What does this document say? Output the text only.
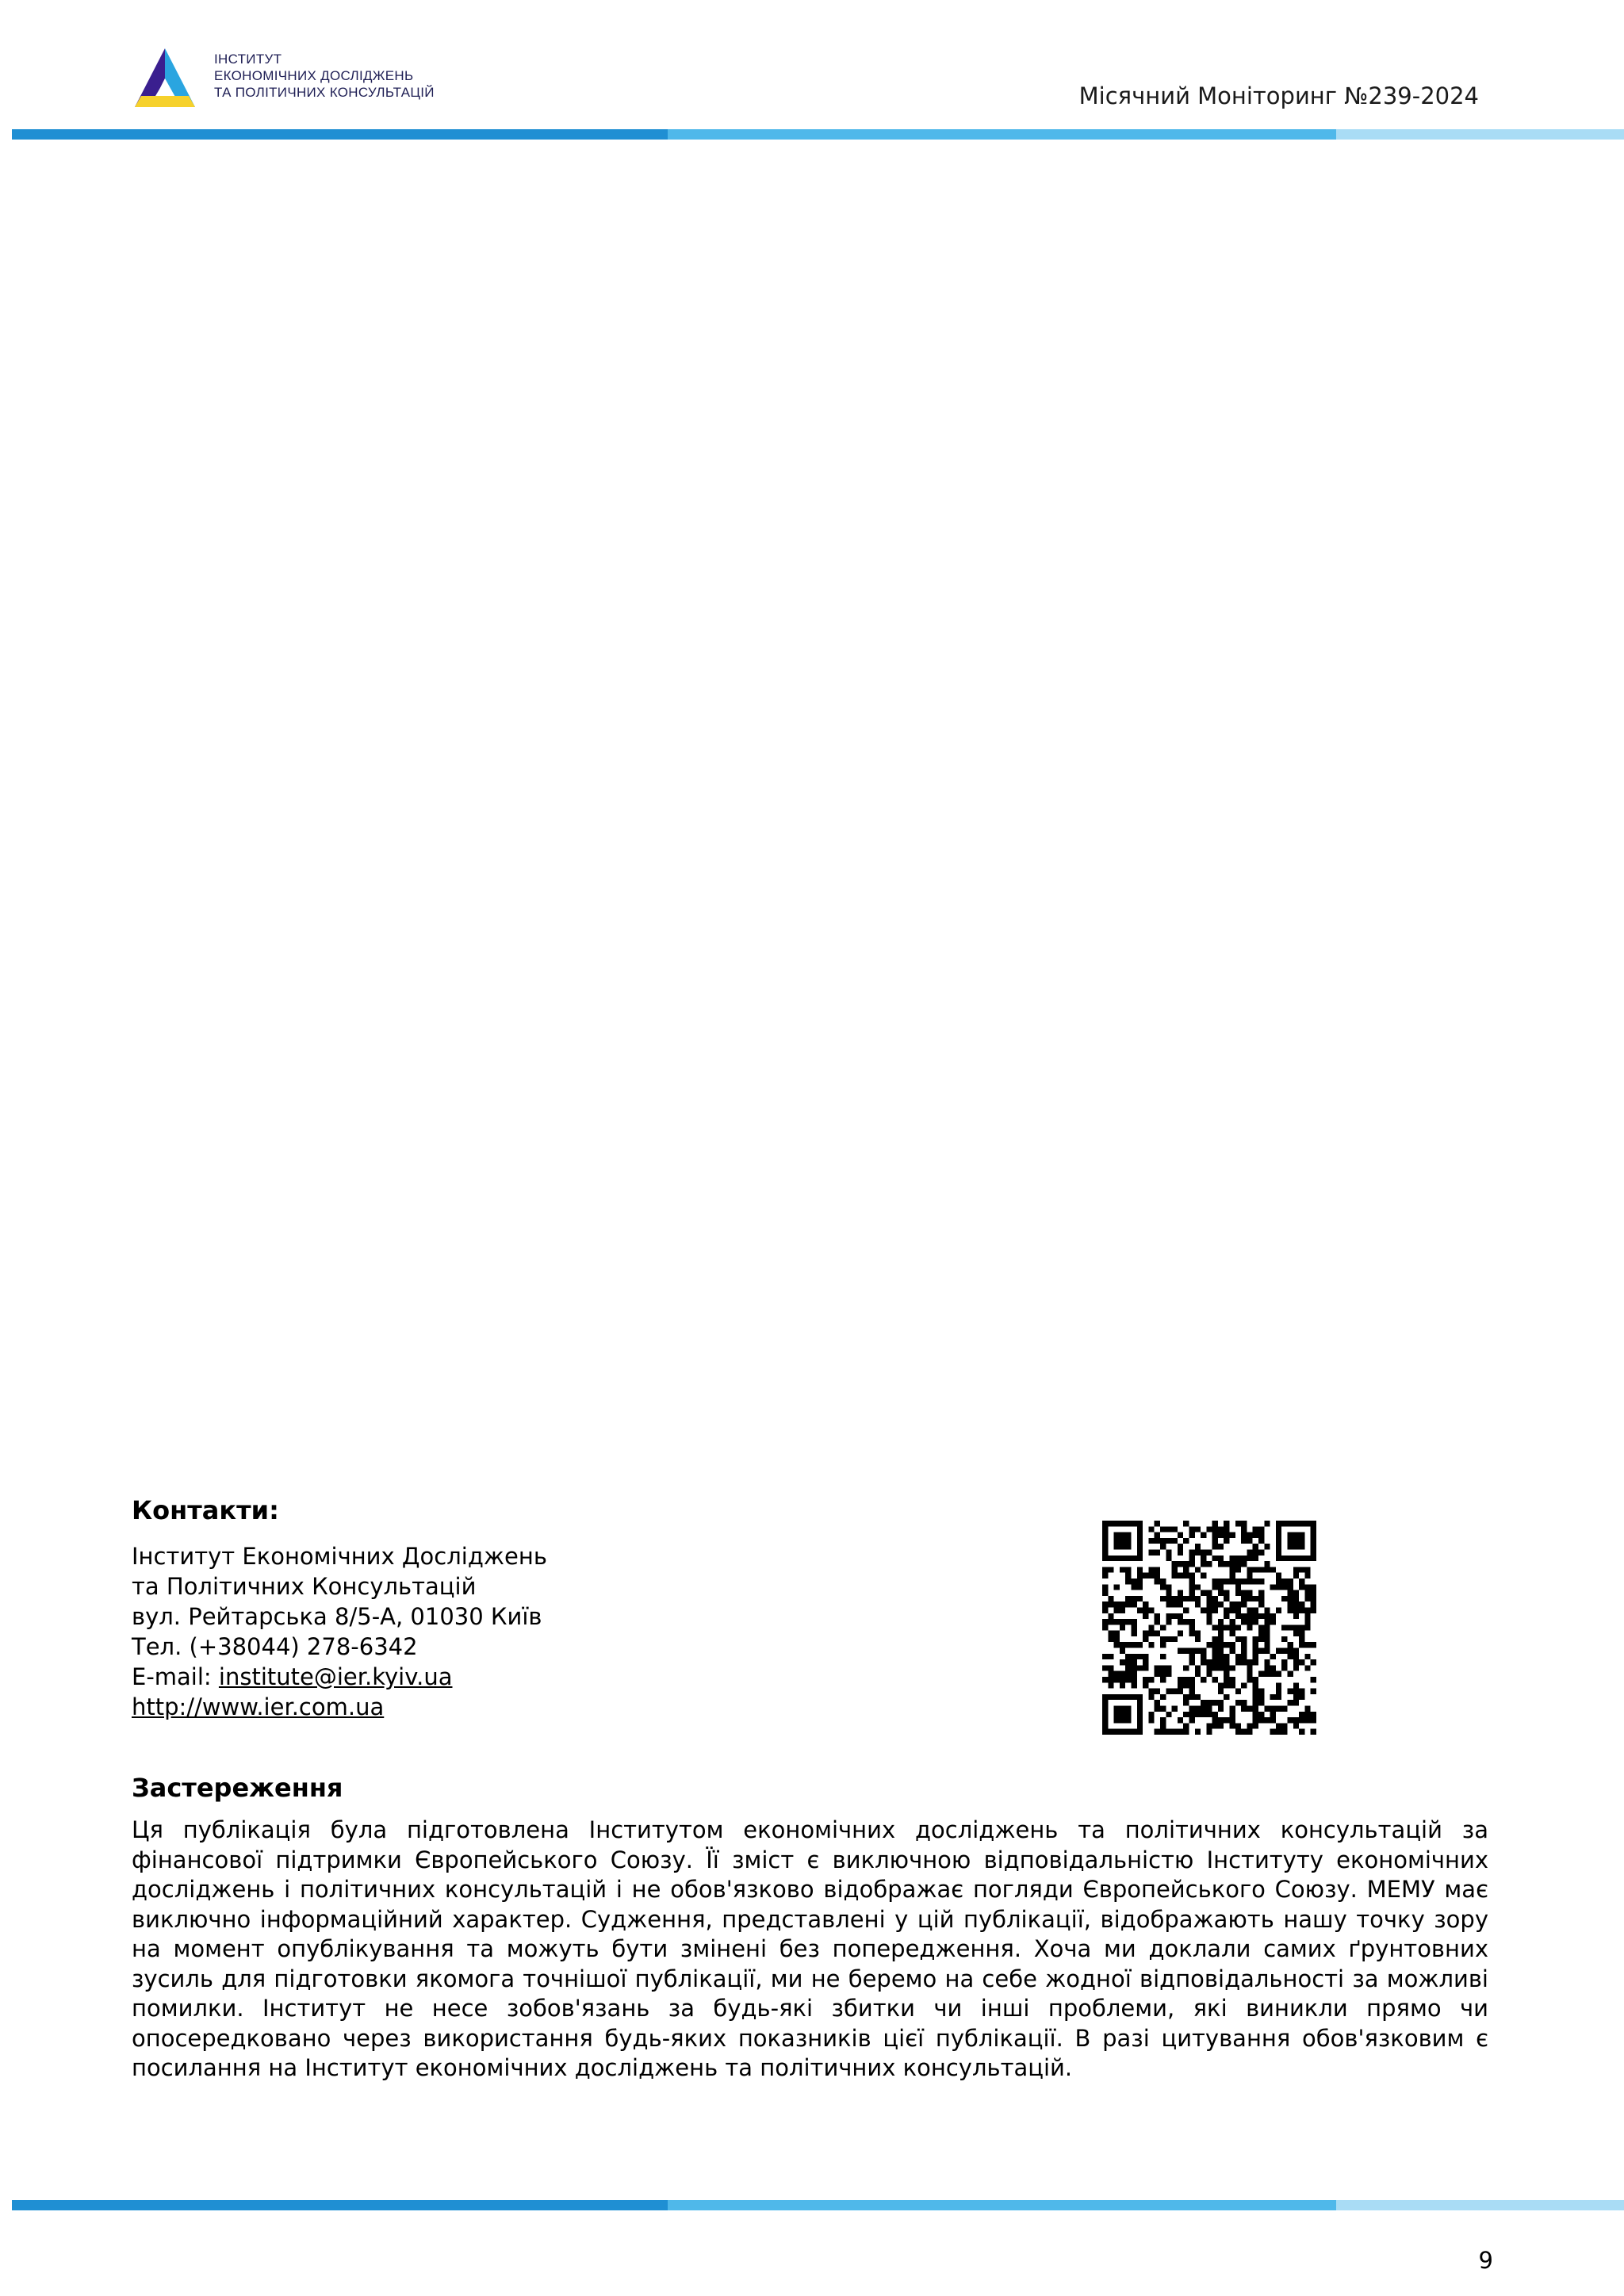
ІНСТИТУТ
ЕКОНОМІЧНИХ ДОСЛІДЖЕНЬ
ТА ПОЛІТИЧНИХ КОНСУЛЬТАЦІЙ	Місячний Моніторинг №239-2024
Контакти:
Інститут Економічних Досліджень
та Політичних Консультацій
вул. Рейтарська 8/5-А, 01030 Київ
Тел. (+38044) 278-6342
E-mail: institute@ier.kyiv.ua
http://www.ier.com.ua
Застереження
Ця публікація була підготовлена Інститутом економічних досліджень та політичних консультацій за фінансової підтримки Європейського Союзу. Її зміст є виключною відповідальністю Інституту економічних досліджень і політичних консультацій і не обов'язково відображає погляди Європейського Союзу. МЕМУ має виключно інформаційний характер. Судження, представлені у цій публікації, відображають нашу точку зору на момент опублікування та можуть бути змінені без попередження. Хоча ми доклали самих ґрунтовних зусиль для підготовки якомога точнішої публікації, ми не беремо на себе жодної відповідальності за можливі помилки. Інститут не несе зобов'язань за будь-які збитки чи інші проблеми, які виникли прямо чи опосередковано через використання будь-яких показників цієї публікації. В разі цитування обов'язковим є посилання на Інститут економічних досліджень та політичних консультацій.
9
